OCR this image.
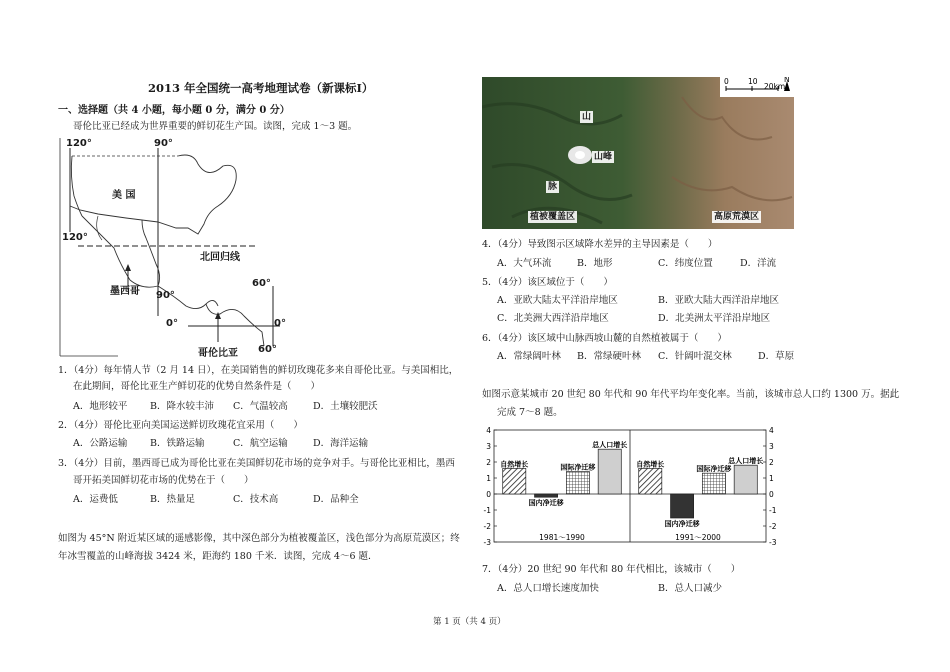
2013 年全国统一高考地理试卷（新课标Ⅰ）
一、选择题（共 4 小题，每小题 0 分，满分 0 分）
哥伦比亚已经成为世界重要的鲜切花生产国。读图，完成 1～3 题。
120°	90°
美 国
120°
北回归线
墨西哥 90°
60°
0°	0°
哥伦比亚 60°
1．（4分）每年情人节（2 月 14 日），在美国销售的鲜切玫瑰花多来自哥伦比亚。与美国相比，
在此期间，哥伦比亚生产鲜切花的优势自然条件是（　　）
A．地形较平 B．降水较丰沛 C．气温较高	D．土壤较肥沃
2．（4分）哥伦比亚向美国运送鲜切玫瑰花宜采用（　　）
A．公路运输 B．铁路运输	C．航空运输	D．海洋运输
3．（4分）目前，墨西哥已成为哥伦比亚在美国鲜切花市场的竞争对手。与哥伦比亚相比，墨西
哥开拓美国鲜切花市场的优势在于（　　）
A．运费低	B．热量足	C．技术高	D．品种全
如图为 45°N 附近某区域的遥感影像，其中深色部分为植被覆盖区，浅色部分为高原荒漠区；终
年冰雪覆盖的山峰海拔 3424 米，距海约 180 千米．读图，完成 4～6 题．
0	10
20km
N
山
山峰
脉
植被覆盖区	高原荒漠区
4．（4分）导致图示区域降水差异的主导因素是（　　）
A．大气环流	B．地形	C．纬度位置	D．洋流
5．（4分）该区域位于（　　）
A．亚欧大陆太平洋沿岸地区	B．亚欧大陆大西洋沿岸地区
C．北美洲大西洋沿岸地区	D．北美洲太平洋沿岸地区
6．（4分）该区域中山脉西坡山麓的自然植被属于（　　）
A．常绿阔叶林 B．常绿硬叶林 C．针阔叶混交林	D．草原
如图示意某城市 20 世纪 80 年代和 90 年代平均年变化率。当前，该城市总人口约 1300 万。据此
完成 7～8 题。
4	4
3	3
2	2
1	1
0	0
-1	-1
-2	-2
-3	-3
自然增长
国内净迁移
国际净迁移
总人口增长
1981～1990
自然增长
国内净迁移
国际净迁移
总人口增长
1991～2000
7．（4分）20 世纪 90 年代和 80 年代相比，该城市（　　）
A．总人口增长速度加快	B．总人口减少
第 1 页（共 4 页）
